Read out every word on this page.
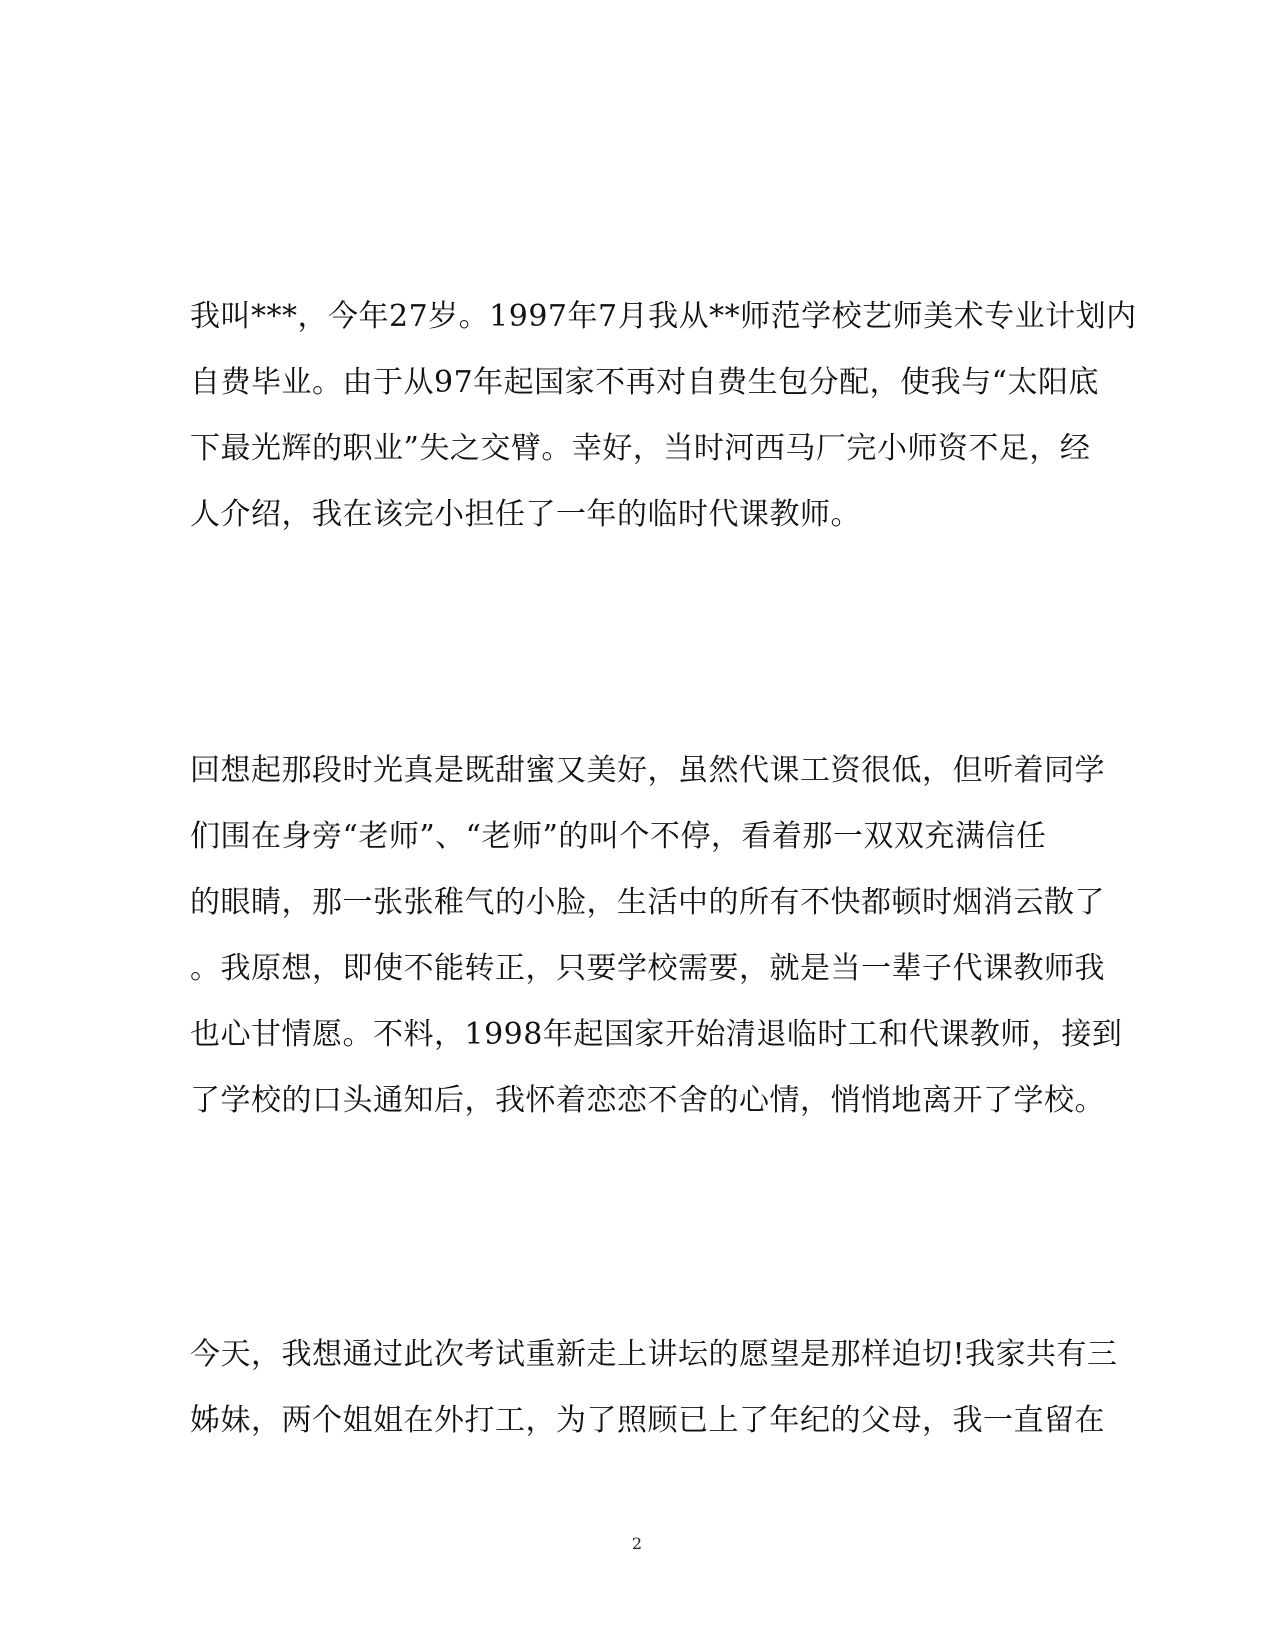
我叫***，今年27岁。1997年7月我从**师范学校艺师美术专业计划内
自费毕业。由于从97年起国家不再对自费生包分配，使我与“太阳底
下最光辉的职业”失之交臂。幸好，当时河西马厂完小师资不足，经
人介绍，我在该完小担任了一年的临时代课教师。
回想起那段时光真是既甜蜜又美好，虽然代课工资很低，但听着同学
们围在身旁“老师”、“老师”的叫个不停，看着那一双双充满信任
的眼睛，那一张张稚气的小脸，生活中的所有不快都顿时烟消云散了
。我原想，即使不能转正，只要学校需要，就是当一辈子代课教师我
也心甘情愿。不料，1998年起国家开始清退临时工和代课教师，接到
了学校的口头通知后，我怀着恋恋不舍的心情，悄悄地离开了学校。
今天，我想通过此次考试重新走上讲坛的愿望是那样迫切!我家共有三
姊妹，两个姐姐在外打工，为了照顾已上了年纪的父母，我一直留在
2
